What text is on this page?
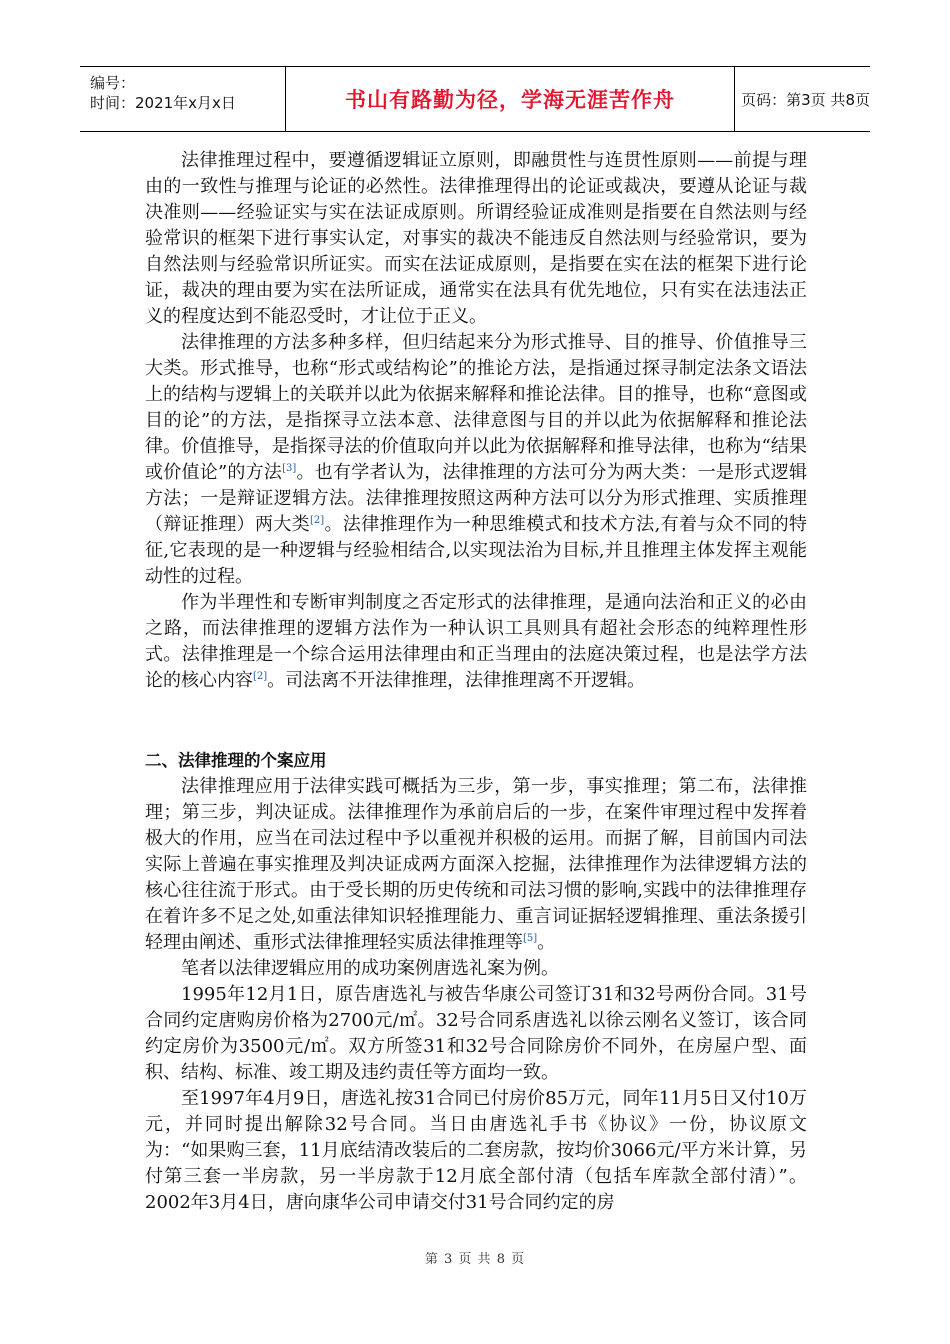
编号：
时间：2021年x月x日	书山有路勤为径，学海无涯苦作舟	页码：第3页 共8页

法律推理过程中，要遵循逻辑证立原则，即融贯性与连贯性原则——前提与理由的一致性与推理与论证的必然性。法律推理得出的论证或裁决，要遵从论证与裁决准则——经验证实与实在法证成原则。所谓经验证成准则是指要在自然法则与经验常识的框架下进行事实认定，对事实的裁决不能违反自然法则与经验常识，要为自然法则与经验常识所证实。而实在法证成原则，是指要在实在法的框架下进行论证，裁决的理由要为实在法所证成，通常实在法具有优先地位，只有实在法违法正义的程度达到不能忍受时，才让位于正义。

法律推理的方法多种多样，但归结起来分为形式推导、目的推导、价值推导三大类。形式推导，也称“形式或结构论”的推论方法，是指通过探寻制定法条文语法上的结构与逻辑上的关联并以此为依据来解释和推论法律。目的推导，也称“意图或目的论”的方法，是指探寻立法本意、法律意图与目的并以此为依据解释和推论法律。价值推导，是指探寻法的价值取向并以此为依据解释和推导法律，也称为“结果或价值论”的方法[3]。也有学者认为，法律推理的方法可分为两大类：一是形式逻辑方法；一是辩证逻辑方法。法律推理按照这两种方法可以分为形式推理、实质推理（辩证推理）两大类[2]。法律推理作为一种思维模式和技术方法,有着与众不同的特征,它表现的是一种逻辑与经验相结合,以实现法治为目标,并且推理主体发挥主观能动性的过程。

作为半理性和专断审判制度之否定形式的法律推理，是通向法治和正义的必由之路，而法律推理的逻辑方法作为一种认识工具则具有超社会形态的纯粹理性形式。法律推理是一个综合运用法律理由和正当理由的法庭决策过程，也是法学方法论的核心内容[2]。司法离不开法律推理，法律推理离不开逻辑。

二、法律推理的个案应用

法律推理应用于法律实践可概括为三步，第一步，事实推理；第二布，法律推理；第三步，判决证成。法律推理作为承前启后的一步，在案件审理过程中发挥着极大的作用，应当在司法过程中予以重视并积极的运用。而据了解，目前国内司法实际上普遍在事实推理及判决证成两方面深入挖掘，法律推理作为法律逻辑方法的核心往往流于形式。由于受长期的历史传统和司法习惯的影响,实践中的法律推理存在着许多不足之处,如重法律知识轻推理能力、重言词证据轻逻辑推理、重法条援引轻理由阐述、重形式法律推理轻实质法律推理等[5]。

笔者以法律逻辑应用的成功案例唐选礼案为例。

1995年12月1日，原告唐选礼与被告华康公司签订31和32号两份合同。31号合同约定唐购房价格为2700元/㎡。32号合同系唐选礼以徐云刚名义签订，该合同约定房价为3500元/㎡。双方所签31和32号合同除房价不同外，在房屋户型、面积、结构、标准、竣工期及违约责任等方面均一致。

至1997年4月9日，唐选礼按31合同已付房价85万元，同年11月5日又付10万元，并同时提出解除32号合同。当日由唐选礼手书《协议》一份，协议原文为：“如果购三套，11月底结清改装后的二套房款，按均价3066元/平方米计算，另付第三套一半房款，另一半房款于12月底全部付清（包括车库款全部付清）”。2002年3月4日，唐向康华公司申请交付31号合同约定的房

第 3 页 共 8 页
